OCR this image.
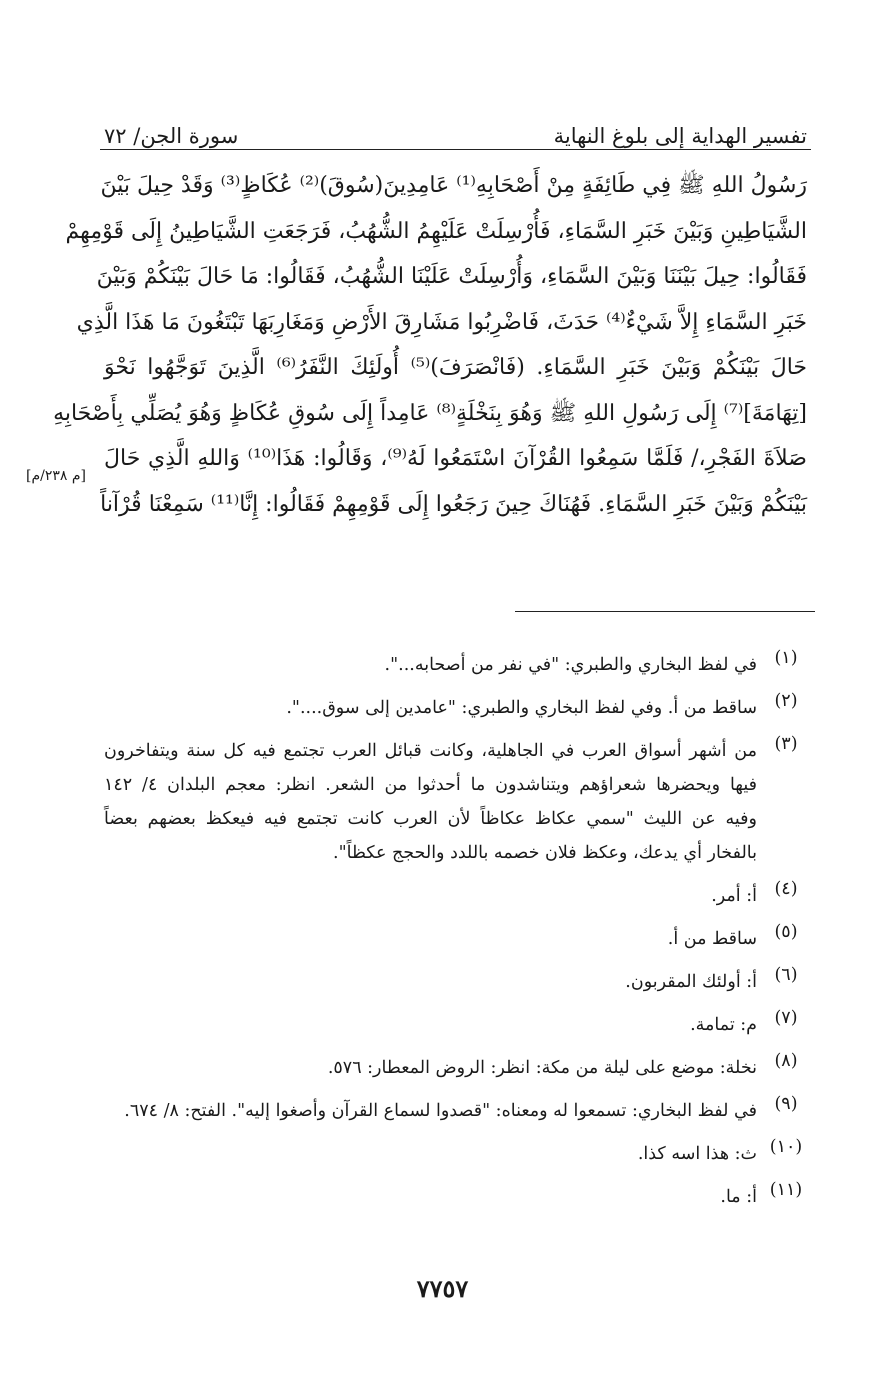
تفسير الهداية إلى بلوغ النهاية
سورة الجن/ ٧٢
رَسُولُ اللهِ ﷺ فِي طَائِفَةٍ مِنْ أَصْحَابِهِ⁽¹⁾ عَامِدِينَ(سُوقَ)⁽²⁾ عُكَاظٍ⁽³⁾ وَقَدْ حِيلَ بَيْنَ
الشَّيَاطِينِ وَبَيْنَ خَبَرِ السَّمَاءِ، فَأُرْسِلَتْ عَلَيْهِمُ الشُّهُبُ، فَرَجَعَتِ الشَّيَاطِينُ إِلَى قَوْمِهِمْ
فَقَالُوا: حِيلَ بَيْنَنَا وَبَيْنَ السَّمَاءِ، وَأُرْسِلَتْ عَلَيْنَا الشُّهُبُ، فَقَالُوا: مَا حَالَ بَيْنَكُمْ وَبَيْنَ
خَبَرِ السَّمَاءِ إِلاَّ شَيْءٌ⁽⁴⁾ حَدَثَ، فَاضْرِبُوا مَشَارِقَ الأَرْضِ وَمَغَارِبَهَا تَبْتَغُونَ مَا هَذَا الَّذِي
حَالَ بَيْنَكُمْ وَبَيْنَ خَبَرِ السَّمَاءِ. (فَانْصَرَفَ)⁽⁵⁾ أُولَئِكَ النَّفَرُ⁽⁶⁾ الَّذِينَ تَوَجَّهُوا نَحْوَ
[تِهَامَةَ]⁽⁷⁾ إِلَى رَسُولِ اللهِ ﷺ وَهُوَ بِنَخْلَةٍ⁽⁸⁾ عَامِداً إِلَى سُوقِ عُكَاظٍ وَهُوَ يُصَلِّي بِأَصْحَابِهِ
صَلاَةَ الفَجْرِ،/ فَلَمَّا سَمِعُوا القُرْآنَ اسْتَمَعُوا لَهُ⁽⁹⁾، وَقَالُوا: هَذَا⁽¹⁰⁾ وَاللهِ الَّذِي حَالَ
بَيْنَكُمْ وَبَيْنَ خَبَرِ السَّمَاءِ. فَهُنَاكَ حِينَ رَجَعُوا إِلَى قَوْمِهِمْ فَقَالُوا: إِنَّا⁽¹¹⁾ سَمِعْنَا قُرْآناً
[م ٢٣٨/م]
(١)
في لفظ البخاري والطبري: "في نفر من أصحابه...".
(٢)
ساقط من أ. وفي لفظ البخاري والطبري: "عامدين إلى سوق....".
(٣)
من أشهر أسواق العرب في الجاهلية، وكانت قبائل العرب تجتمع فيه كل سنة ويتفاخرون
فيها ويحضرها شعراؤهم ويتناشدون ما أحدثوا من الشعر. انظر: معجم البلدان ٤/ ١٤٢
وفيه عن الليث "سمي عكاظ عكاظاً لأن العرب كانت تجتمع فيه فيعكظ بعضهم بعضاً
بالفخار أي يدعك، وعكظ فلان خصمه باللدد والحجج عكظاً".
(٤)
أ: أمر.
(٥)
ساقط من أ.
(٦)
أ: أولئك المقربون.
(٧)
م: تمامة.
(٨)
نخلة: موضع على ليلة من مكة: انظر: الروض المعطار: ٥٧٦.
(٩)
في لفظ البخاري: تسمعوا له ومعناه: "قصدوا لسماع القرآن وأصغوا إليه". الفتح: ٨/ ٦٧٤.
(١٠)
ث: هذا اسه كذا.
(١١)
أ: ما.
٧٧٥٧
